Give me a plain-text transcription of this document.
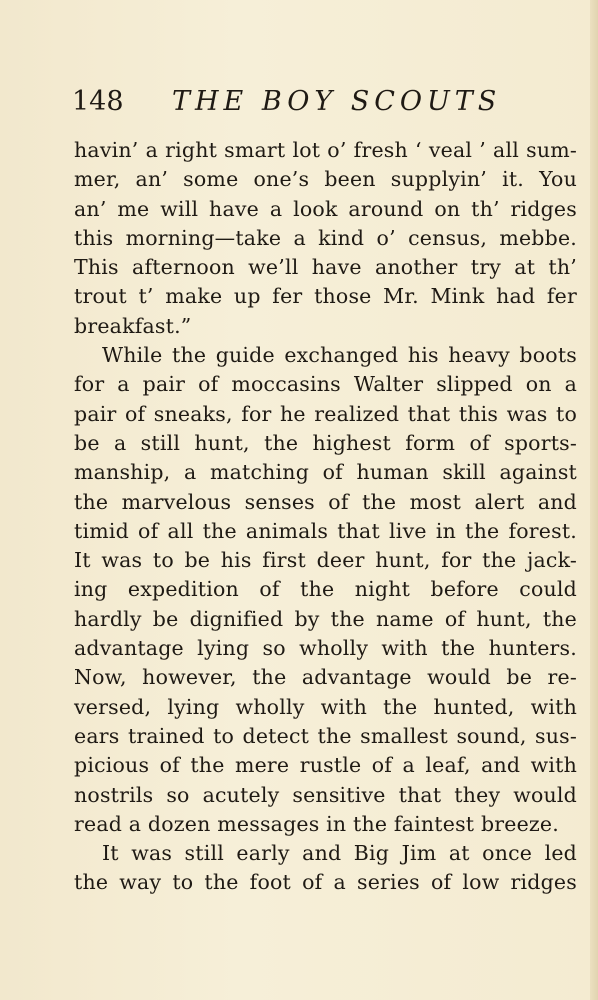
148 THE BOY SCOUTS
havin’ a right smart lot o’ fresh ‘ veal ’ all sum-
mer, an’ some one’s been supplyin’ it. You
an’ me will have a look around on th’ ridges
this morning—take a kind o’ census, mebbe.
This afternoon we’ll have another try at th’
trout t’ make up fer those Mr. Mink had fer
breakfast.”
While the guide exchanged his heavy boots
for a pair of moccasins Walter slipped on a
pair of sneaks, for he realized that this was to
be a still hunt, the highest form of sports-
manship, a matching of human skill against
the marvelous senses of the most alert and
timid of all the animals that live in the forest.
It was to be his first deer hunt, for the jack-
ing expedition of the night before could
hardly be dignified by the name of hunt, the
advantage lying so wholly with the hunters.
Now, however, the advantage would be re-
versed, lying wholly with the hunted, with
ears trained to detect the smallest sound, sus-
picious of the mere rustle of a leaf, and with
nostrils so acutely sensitive that they would
read a dozen messages in the faintest breeze.
It was still early and Big Jim at once led
the way to the foot of a series of low ridges
